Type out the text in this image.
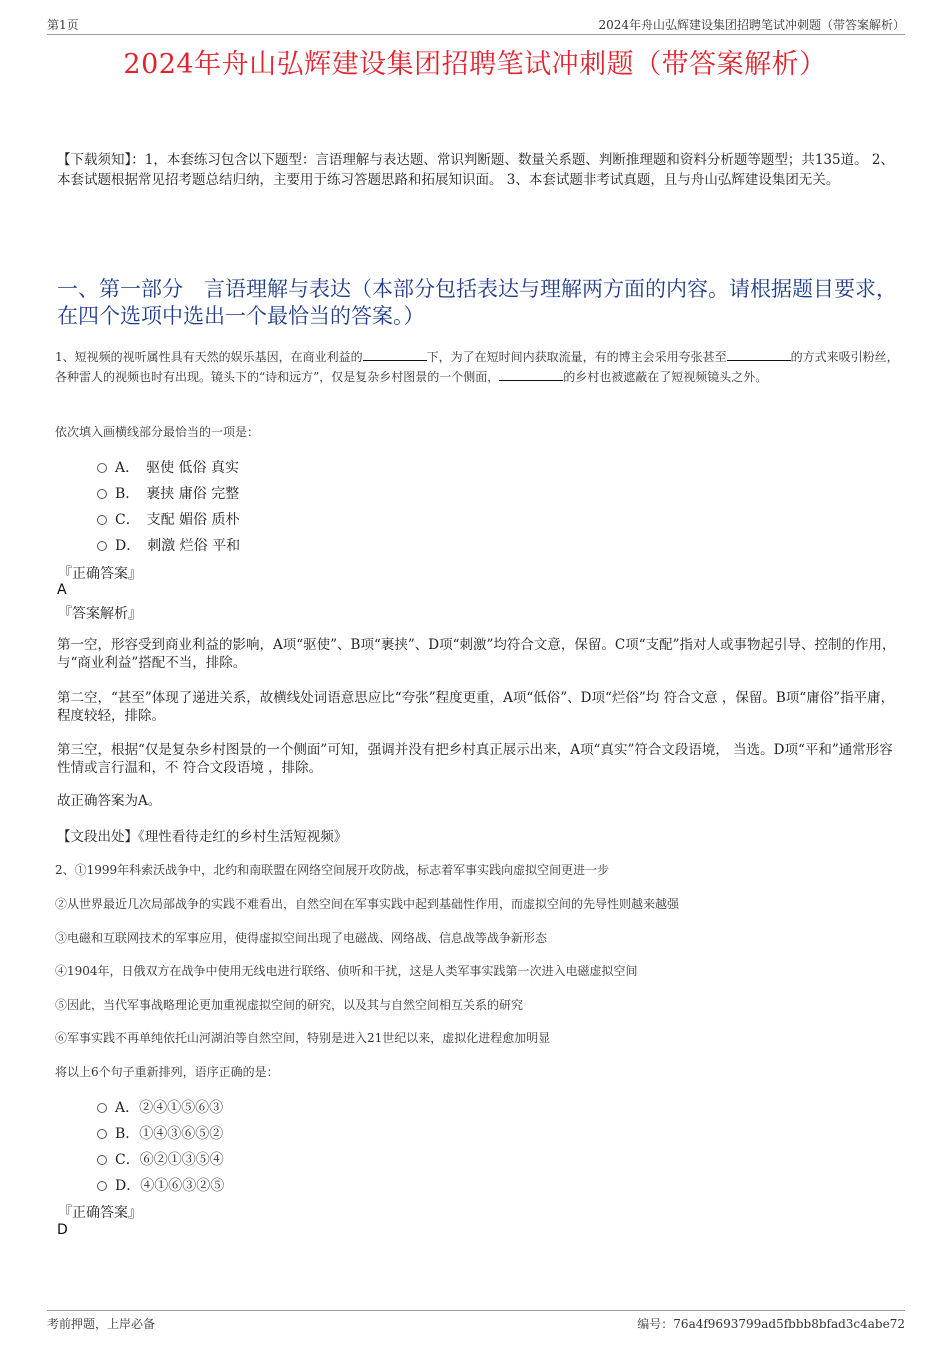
第1页	2024年舟山弘辉建设集团招聘笔试冲刺题（带答案解析）
2024年舟山弘辉建设集团招聘笔试冲刺题（带答案解析）
【下载须知】：1，本套练习包含以下题型：言语理解与表达题、常识判断题、数量关系题、判断推理题和资料分析题等题型；共135道。 2、本套试题根据常见招考题总结归纳，主要用于练习答题思路和拓展知识面。 3、本套试题非考试真题，且与舟山弘辉建设集团无关。
一、第一部分　言语理解与表达（本部分包括表达与理解两方面的内容。请根据题目要求，在四个选项中选出一个最恰当的答案。）
1、短视频的视听属性具有天然的娱乐基因，在商业利益的	下，为了在短时间内获取流量，有的博主会采用夸张甚至	的方式来吸引粉丝，各种雷人的视频也时有出现。镜头下的“诗和远方”，仅是复杂乡村图景的一个侧面，	的乡村也被遮蔽在了短视频镜头之外。
依次填入画横线部分最恰当的一项是：
A．　驱使 低俗 真实
B．　裹挟 庸俗 完整
C．　支配 媚俗 质朴
D．　刺激 烂俗 平和
『正确答案』
A
『答案解析』
第一空，形容受到商业利益的影响，A项“驱使”、B项“裹挟”、D项“刺激”均符合文意，保留。C项“支配”指对人或事物起引导、控制的作用，与“商业利益”搭配不当，排除。
第二空，“甚至”体现了递进关系，故横线处词语意思应比“夸张”程度更重，A项“低俗”、D项“烂俗”均 符合文意 ，保留。B项“庸俗”指平庸，程度较轻，排除。
第三空，根据“仅是复杂乡村图景的一个侧面”可知，强调并没有把乡村真正展示出来，A项“真实”符合文段语境， 当选。D项“平和”通常形容性情或言行温和，不 符合文段语境 ，排除。
故正确答案为A。
【文段出处】《理性看待走红的乡村生活短视频》
2、①1999年科索沃战争中，北约和南联盟在网络空间展开攻防战，标志着军事实践向虚拟空间更进一步
②从世界最近几次局部战争的实践不难看出，自然空间在军事实践中起到基础性作用，而虚拟空间的先导性则越来越强
③电磁和互联网技术的军事应用，使得虚拟空间出现了电磁战、网络战、信息战等战争新形态
④1904年，日俄双方在战争中使用无线电进行联络、侦听和干扰，这是人类军事实践第一次进入电磁虚拟空间
⑤因此，当代军事战略理论更加重视虚拟空间的研究，以及其与自然空间相互关系的研究
⑥军事实践不再单纯依托山河湖泊等自然空间，特别是进入21世纪以来，虚拟化进程愈加明显
将以上6个句子重新排列，语序正确的是：
A．②④①⑤⑥③
B．①④③⑥⑤②
C．⑥②①③⑤④
D．④①⑥③②⑤
『正确答案』
D
考前押题，上岸必备	编号：76a4f9693799ad5fbbb8bfad3c4abe72
